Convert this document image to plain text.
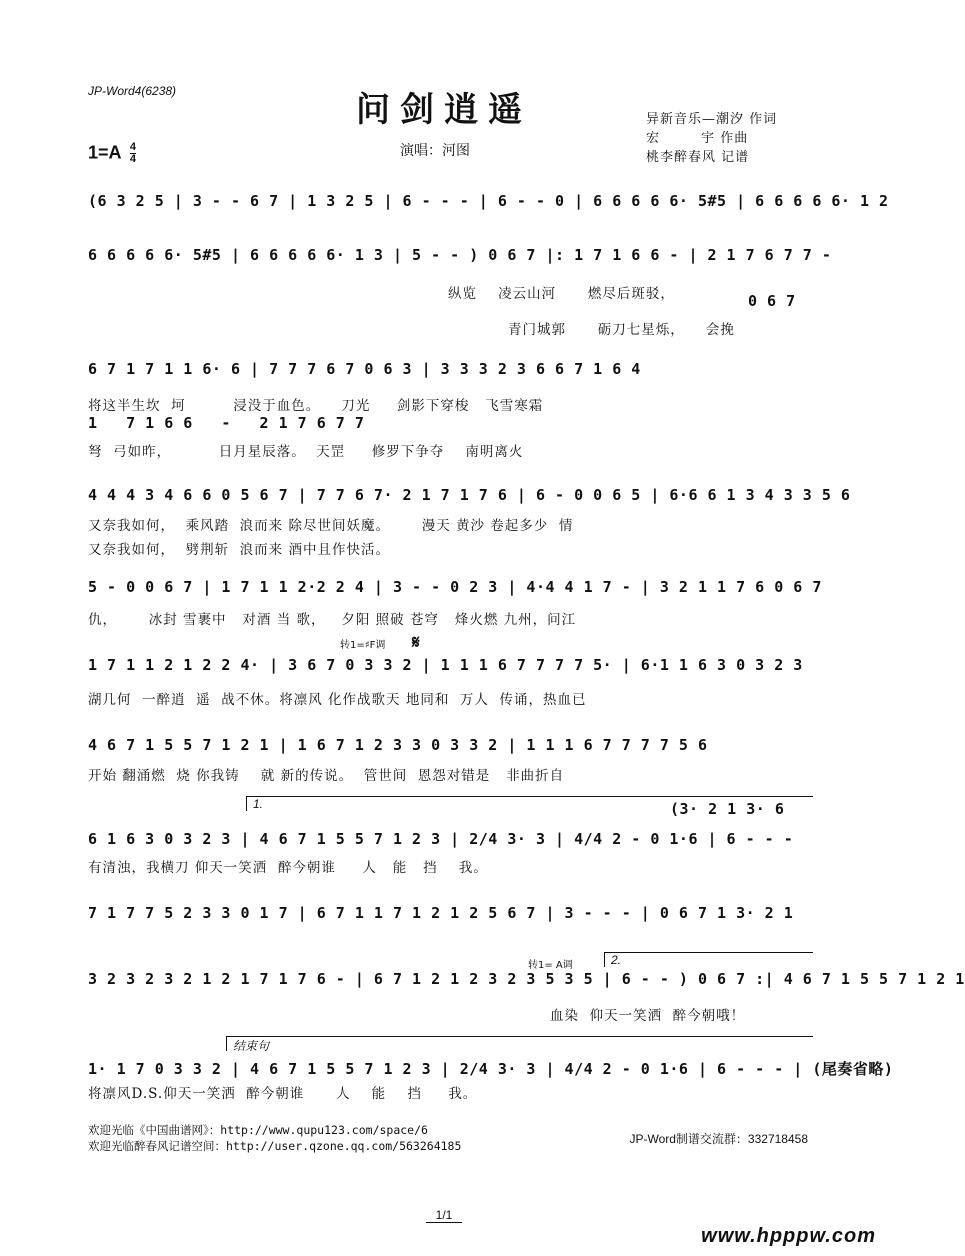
JP-Word4(6238)	问剑逍遥
$1=A \frac{4}{4}$	演唱：河图
异新音乐—潮汐 作词
宏        宇 作曲
桃李醉春风 记谱
(6 3 2 5 | 3 - - 6 7 | 1 3 2 5 | 6 - - - | 6 - - 0 | 6 6 6 6 6· 5#5 | 6 6 6 6 6· 1 2
6 6 6 6 6· 5#5 | 6 6 6 6 6· 1 3 | 5 - - ) 0 6 7 |: 1 7 1 6 6 - | 2 1 7 6 7 7 -
纵览    凌云山河      燃尽后斑驳，	0 6 7
青门城郭      砺刀七星烁，    会挽
6 7 1 7 1 1 6· 6 | 7 7 7 6 7 0 6 3 | 3 3 3 2 3 6 6 7 1 6 4
将这半生坎  坷         浸没于血色。    刀光     剑影下穿梭   飞雪寒霜
1   7 1 6 6   -   2 1 7 6 7 7
弩  弓如昨，         日月星辰落。  天罡     修罗下争夺    南明离火
4 4 4 3 4 6 6 0 5 6 7 | 7 7 6 7· 2 1 7 1 7 6 | 6 - 0 0 6 5 | 6·6 6 1 3 4 3 3 5 6
又奈我如何，  乘风踏  浪而来 除尽世间妖魔。      漫天 黄沙 卷起多少  情
又奈我如何，  劈荆斩  浪而来 酒中且作快活。
5 - 0 0 6 7 | 1 7 1 1 2·2 2 4 | 3 - - 0 2 3 | 4·4 4 1 7 - | 3 2 1 1 7 6 0 6 7
仇，      冰封 雪裹中   对酒 当 歌，   夕阳 照破 苍穹   烽火燃 九州，问江
转1=♯F调 𝄋
1 7 1 1 2 1 2 2 4· | 3 6 7 0 3 3 2 | 1 1 1 6 7 7 7 7 5· | 6·1 1 6 3 0 3 2 3
湖几何  一醉逍  遥  战不休。将凛风 化作战歌天 地同和  万人  传诵，热血已
4 6 7 1 5 5 7 1 2 1 | 1 6 7 1 2 3 3 0 3 3 2 | 1 1 1 6 7 7 7 7 5 6
开始 翻涌燃  烧 你我铸    就 新的传说。  管世间  恩怨对错是   非曲折自
1.	(3· 2 1 3· 6
6 1 6 3 0 3 2 3 | 4 6 7 1 5 5 7 1 2 3 | 2/4 3· 3 | 4/4 2 - 0 1·6 | 6 - - -
有清浊，我横刀 仰天一笑洒  醉今朝谁     人   能   挡    我。
7 1 7 7 5 2 3 3 0 1 7 | 6 7 1 1 7 1 2 1 2 5 6 7 | 3 - - - | 0 6 7 1 3· 2 1
转1= A调	2.
3 2 3 2 3 2 1 2 1 7 1 7 6 - | 6 7 1 2 1 2 3 2 3 5 3 5 | 6 - - ) 0 6 7 :| 4 6 7 1 5 5 7 1 2 1
血染  仰天一笑洒  醉今朝哦！
结束句
1· 1 7 0 3 3 2 | 4 6 7 1 5 5 7 1 2 3 | 2/4 3· 3 | 4/4 2 - 0 1·6 | 6 - - - | (尾奏省略)
将凛风D.S.仰天一笑洒  醉今朝谁      人    能    挡     我。
欢迎光临《中国曲谱网》：http://www.qupu123.com/space/6
欢迎光临醉春风记谱空间：http://user.qzone.qq.com/563264185	JP-Word制谱交流群：332718458
1/1
www.hpppw.com
